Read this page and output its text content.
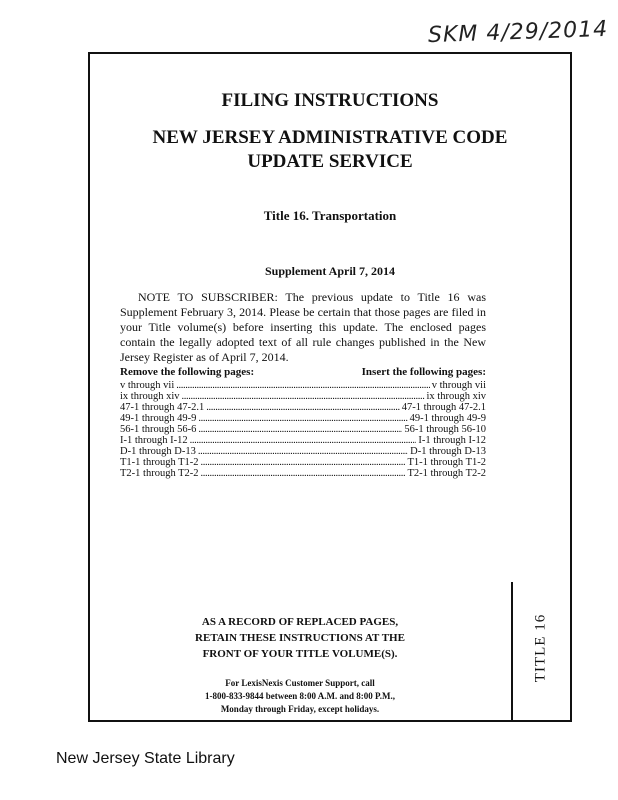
SKM 4/29/2014
TITLE 16
FILING INSTRUCTIONS
NEW JERSEY ADMINISTRATIVE CODE
UPDATE SERVICE
Title 16. Transportation
Supplement April 7, 2014
NOTE TO SUBSCRIBER: The previous update to Title 16 was Supplement February 3, 2014. Please be certain that those pages are filed in your Title volume(s) before inserting this update. The enclosed pages contain the legally adopted text of all rule changes published in the New Jersey Register as of April 7, 2014.
Remove the following pages:	Insert the following pages:
v through vii . . .	v through vii
ix through xiv . . .	ix through xiv
47-1 through 47-2.1 . . .	47-1 through 47-2.1
49-1 through 49-9 . . .	49-1 through 49-9
56-1 through 56-6 . . .	56-1 through 56-10
I-1 through I-12 . . .	I-1 through I-12
D-1 through D-13 . . .	D-1 through D-13
T1-1 through T1-2 . . .	T1-1 through T1-2
T2-1 through T2-2 . . .	T2-1 through T2-2
AS A RECORD OF REPLACED PAGES,
RETAIN THESE INSTRUCTIONS AT THE
FRONT OF YOUR TITLE VOLUME(S).
For LexisNexis Customer Support, call
1-800-833-9844 between 8:00 A.M. and 8:00 P.M.,
Monday through Friday, except holidays.
New Jersey State Library
